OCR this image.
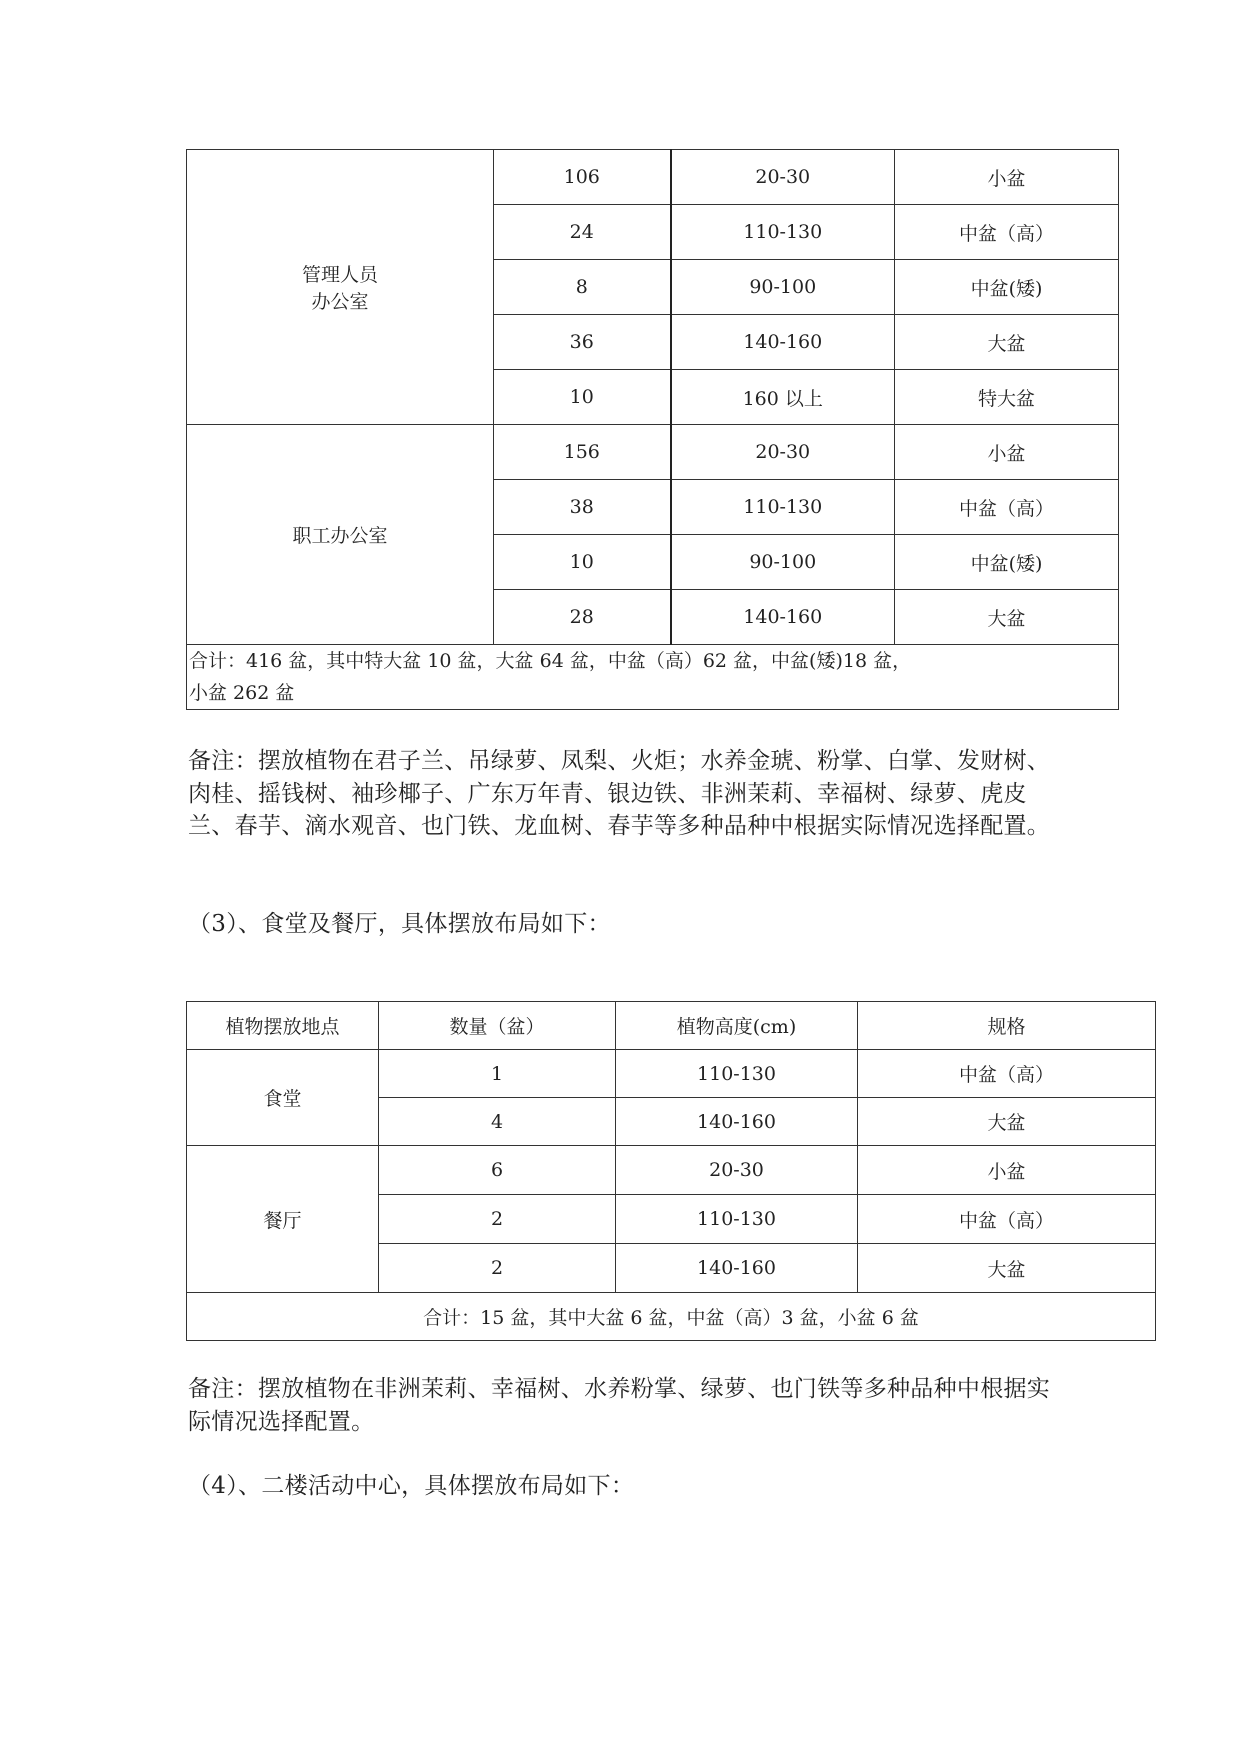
管理人员
办公室	106	20-30	小盆
	24	110-130	中盆（高）
	8	90-100	中盆(矮)
	36	140-160	大盆
	10	160 以上	特大盆
职工办公室	156	20-30	小盆
	38	110-130	中盆（高）
	10	90-100	中盆(矮)
	28	140-160	大盆
合计：416 盆，其中特大盆 10 盆，大盆 64 盆，中盆（高）62 盆，中盆(矮)18 盆，
小盆 262 盆			

备注：摆放植物在君子兰、吊绿萝、凤梨、火炬；水养金琥、粉掌、白掌、发财树、肉桂、摇钱树、袖珍椰子、广东万年青、银边铁、非洲茉莉、幸福树、绿萝、虎皮兰、春芋、滴水观音、也门铁、龙血树、春芋等多种品种中根据实际情况选择配置。

（3）、食堂及餐厅，具体摆放布局如下：

植物摆放地点	数量（盆）	植物高度(cm)	规格
食堂	1	110-130	中盆（高）
	4	140-160	大盆
餐厅	6	20-30	小盆
	2	110-130	中盆（高）
	2	140-160	大盆
合计：15 盆，其中大盆 6 盆，中盆（高）3 盆，小盆 6 盆			

备注：摆放植物在非洲茉莉、幸福树、水养粉掌、绿萝、也门铁等多种品种中根据实际情况选择配置。

（4）、二楼活动中心，具体摆放布局如下：
